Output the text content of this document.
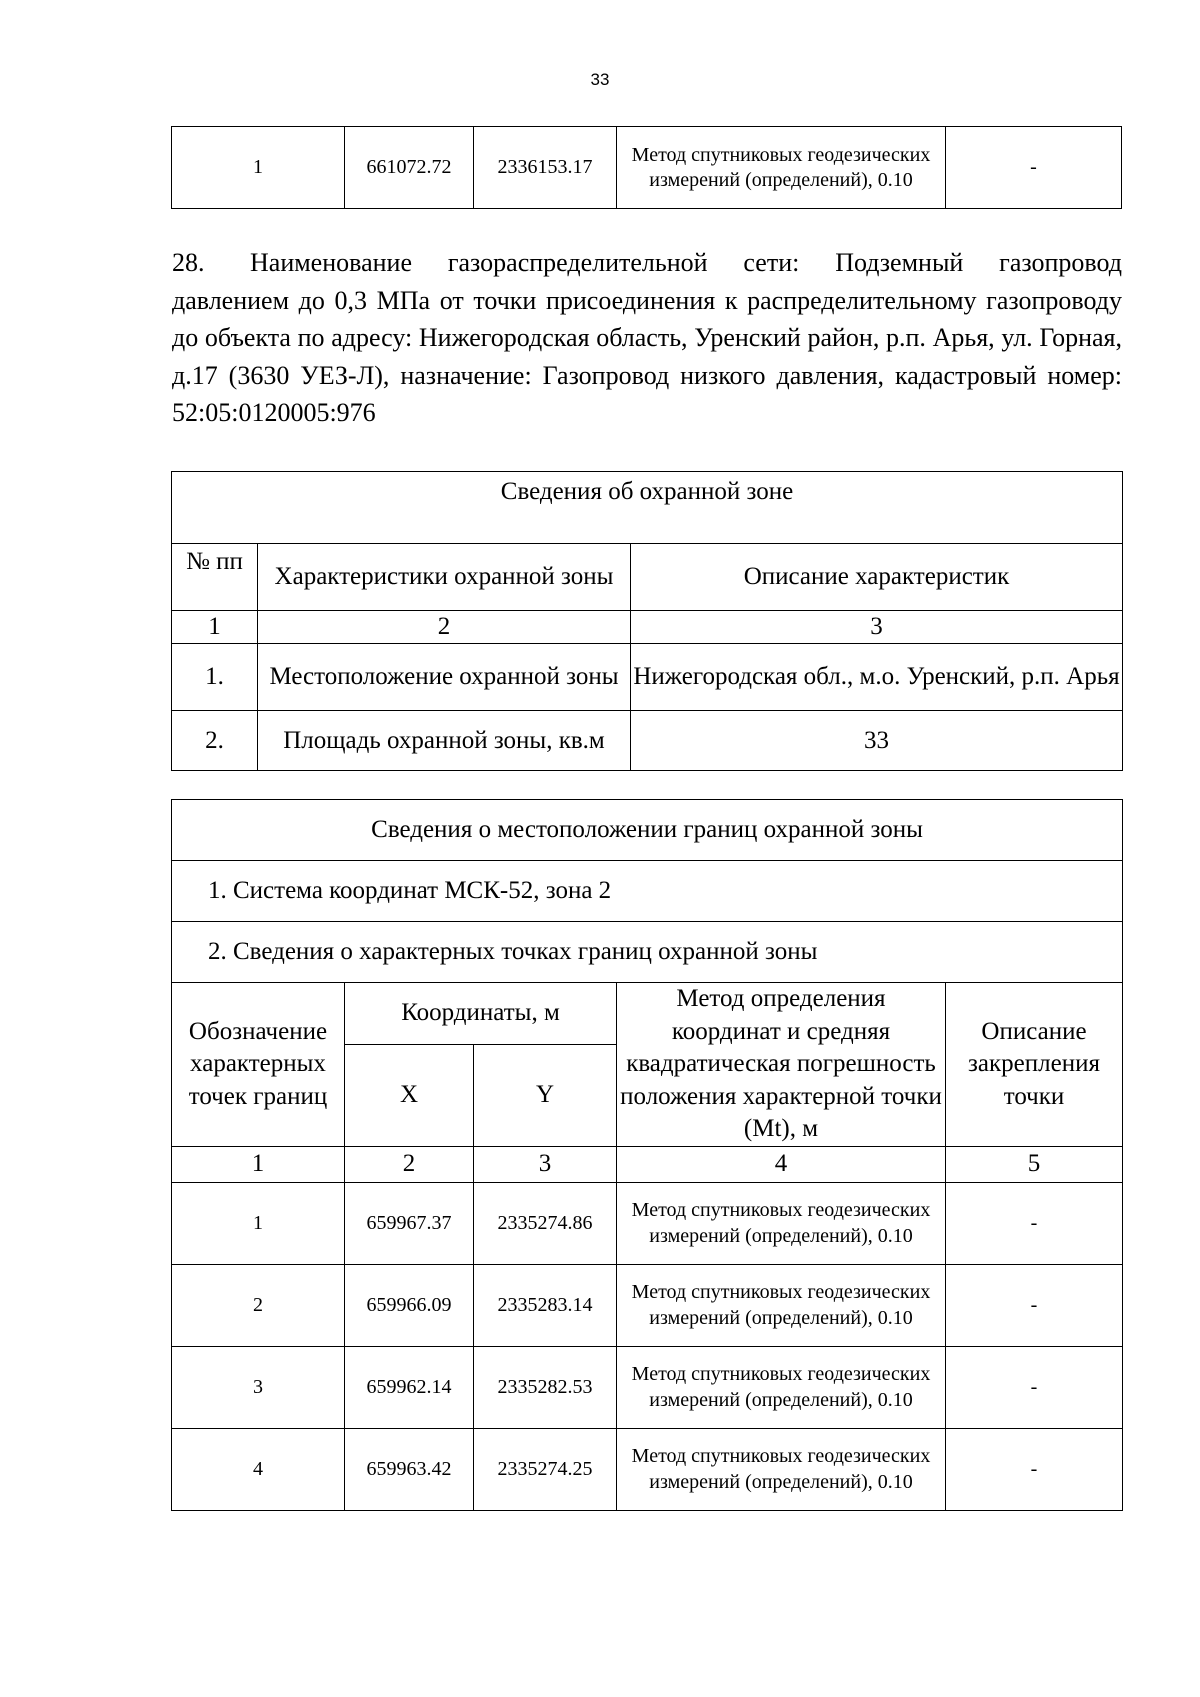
33
1	661072.72	2336153.17	Метод спутниковых геодезических измерений (определений), 0.10	-
28. Наименование газораспределительной сети: Подземный газопровод давлением до 0,3 МПа от точки присоединения к распределительному газопроводу до объекта по адресу: Нижегородская область, Уренский район, р.п. Арья, ул. Горная, д.17 (3630 УЕЗ-Л), назначение: Газопровод низкого давления, кадастровый номер: 52:05:0120005:976
Сведения об охранной зоне		
№ пп	Характеристики охранной зоны	Описание характеристик
1	2	3
1.	Местоположение охранной зоны	Нижегородская обл., м.о. Уренский, р.п. Арья
2.	Площадь охранной зоны, кв.м	33
Сведения о местоположении границ охранной зоны				
1. Система координат МСК-52, зона 2				
2. Сведения о характерных точках границ охранной зоны				
Обозначение характерных точек границ	Координаты, м		Метод определения координат и средняя квадратическая погрешность положения характерной точки (Mt), м	Описание закрепления точки
	X	Y		
1	2	3	4	5
1	659967.37	2335274.86	Метод спутниковых геодезических измерений (определений), 0.10	-
2	659966.09	2335283.14	Метод спутниковых геодезических измерений (определений), 0.10	-
3	659962.14	2335282.53	Метод спутниковых геодезических измерений (определений), 0.10	-
4	659963.42	2335274.25	Метод спутниковых геодезических измерений (определений), 0.10	-
